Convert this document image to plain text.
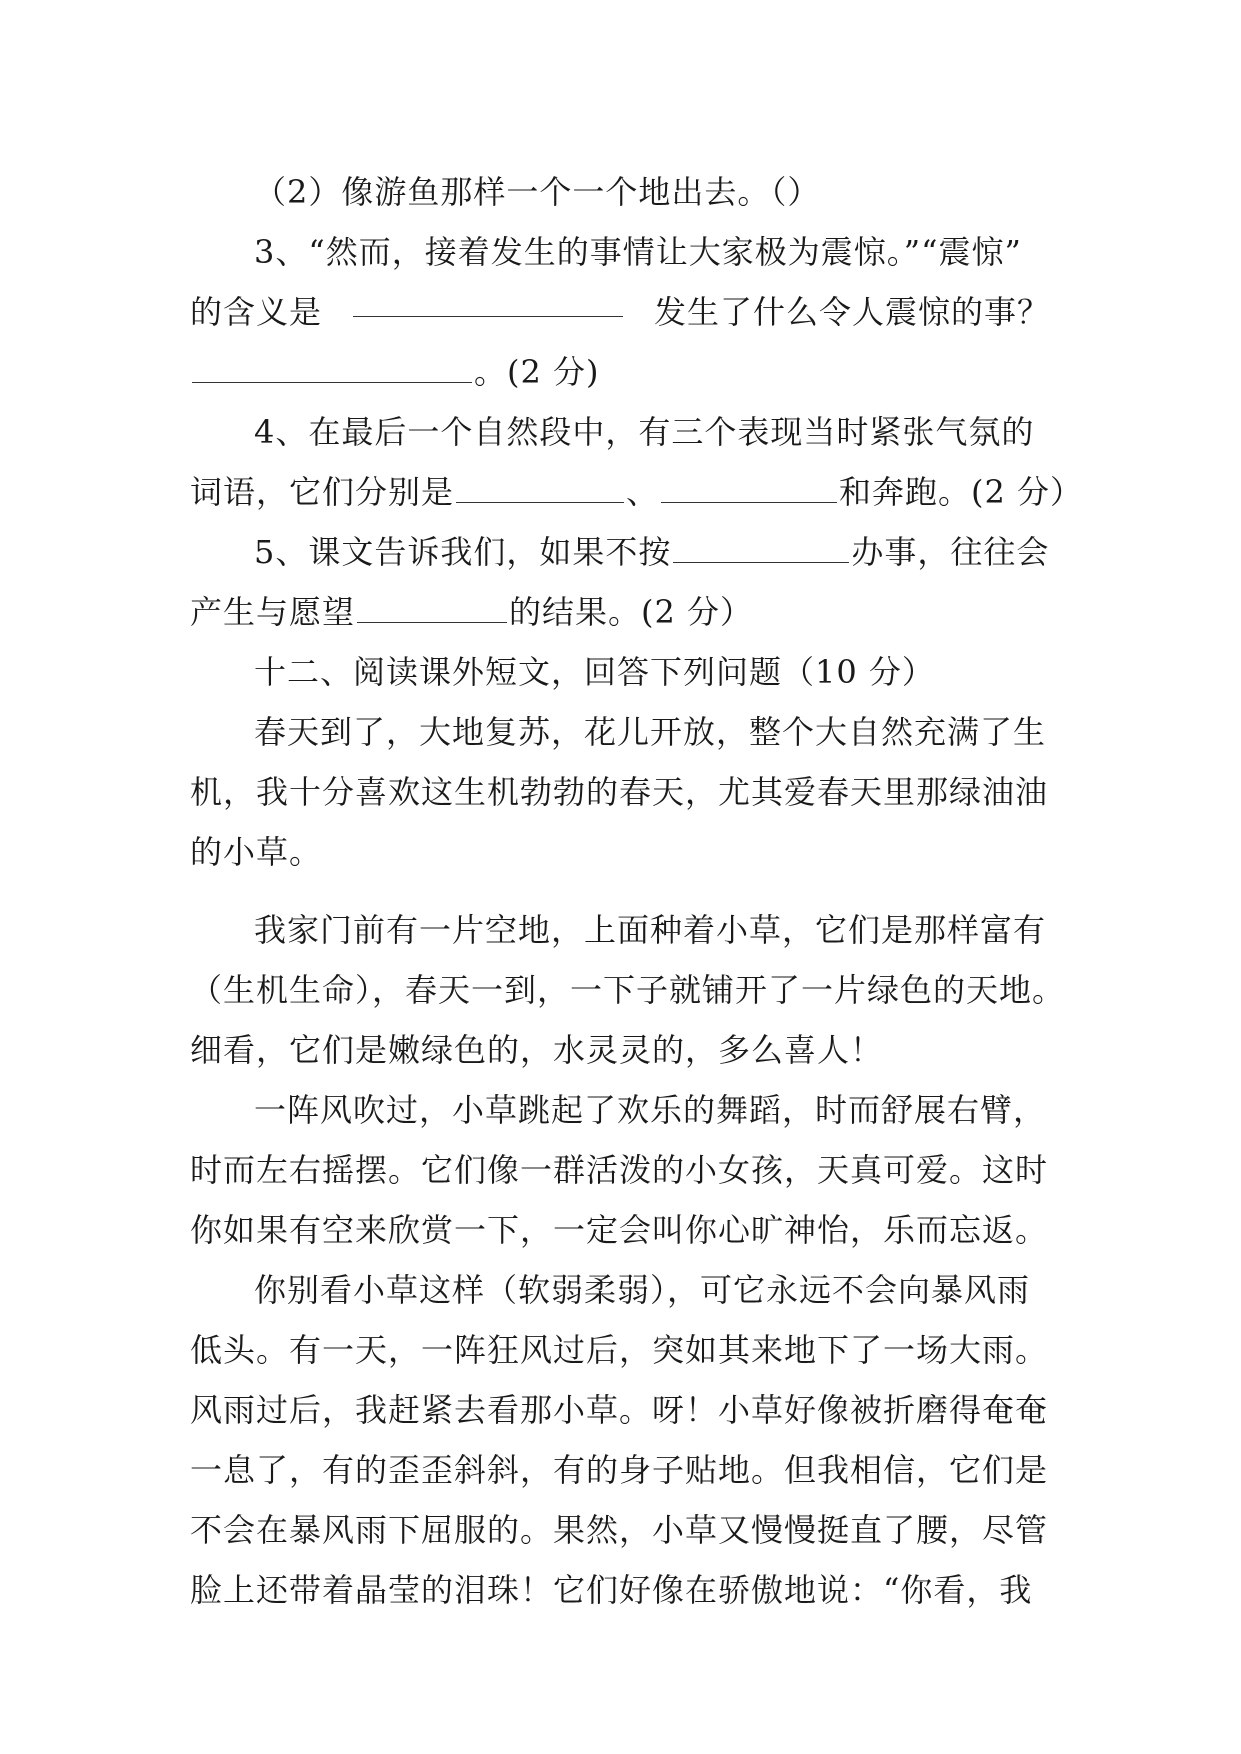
（2）像游鱼那样一个一个地出去。（）
3、“然而，接着发生的事情让大家极为震惊。”“震惊”
的含义是	发生了什么令人震惊的事？
。(2 分)
4、在最后一个自然段中，有三个表现当时紧张气氛的
词语，它们分别是	、	和奔跑。(2 分）
5、课文告诉我们，如果不按	办事，往往会
产生与愿望	的结果。(2 分）
十二、阅读课外短文，回答下列问题（10 分）
春天到了，大地复苏，花儿开放，整个大自然充满了生
机，我十分喜欢这生机勃勃的春天，尤其爱春天里那绿油油
的小草。
我家门前有一片空地，上面种着小草，它们是那样富有
（生机生命），春天一到，一下子就铺开了一片绿色的天地。
细看，它们是嫩绿色的，水灵灵的，多么喜人！
一阵风吹过，小草跳起了欢乐的舞蹈，时而舒展右臂，
时而左右摇摆。它们像一群活泼的小女孩，天真可爱。这时
你如果有空来欣赏一下，一定会叫你心旷神怡，乐而忘返。
你别看小草这样（软弱柔弱），可它永远不会向暴风雨
低头。有一天，一阵狂风过后，突如其来地下了一场大雨。
风雨过后，我赶紧去看那小草。呀！小草好像被折磨得奄奄
一息了，有的歪歪斜斜，有的身子贴地。但我相信，它们是
不会在暴风雨下屈服的。果然，小草又慢慢挺直了腰，尽管
脸上还带着晶莹的泪珠！它们好像在骄傲地说：“你看，我
